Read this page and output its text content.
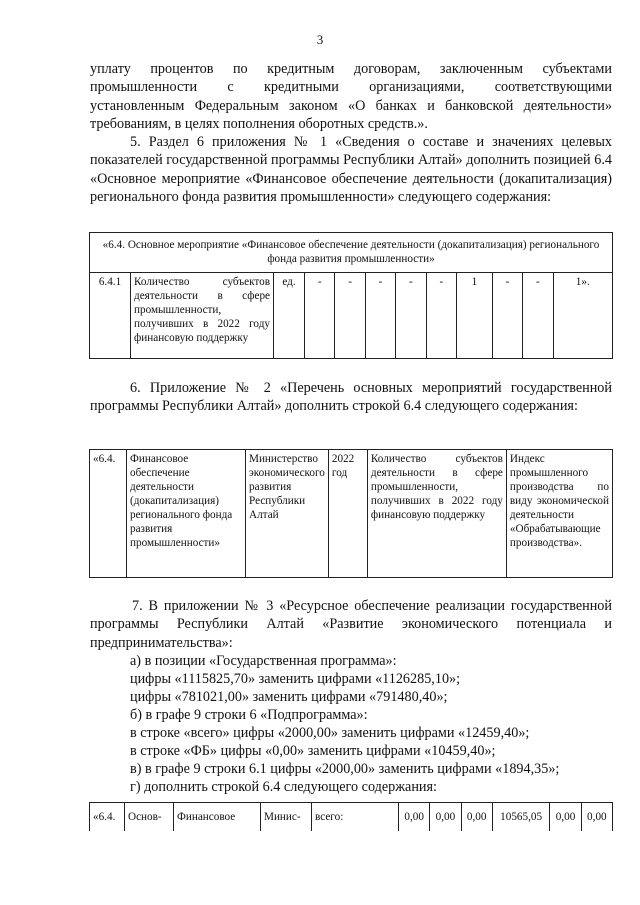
3
уплату процентов по кредитным договорам, заключенным субъектами
промышленности с кредитными организациями, соответствующими
установленным Федеральным законом «О банках и банковской деятельности»
требованиям, в целях пополнения оборотных средств.».
5. Раздел 6 приложения № 1 «Сведения о составе и значениях целевых показателей государственной программы Республики Алтай» дополнить позицией 6.4 «Основное мероприятие «Финансовое обеспечение деятельности (докапитализация) регионального фонда развития промышленности» следующего содержания:
«6.4. Основное мероприятие «Финансовое обеспечение деятельности (докапитализация) регионального фонда развития промышленности»
6.4.1	Количество субъектов деятельности в сфере промышленности, получивших в 2022 году финансовую поддержку	ед.	-	-	-	-	-	1	-	-	1».
6. Приложение № 2 «Перечень основных мероприятий государственной программы Республики Алтай» дополнить строкой 6.4 следующего содержания:
«6.4.	Финансовое обеспечение деятельности (докапитализация) регионального фонда развития промышленности»	Министерство экономического развития Республики Алтай	2022 год	Количество субъектов деятельности в сфере промышленности, получивших в 2022 году финансовую поддержку	Индекс промышленного производства по виду экономической деятельности «Обрабатывающие производства».
7. В приложении № 3 «Ресурсное обеспечение реализации государственной программы Республики Алтай «Развитие экономического потенциала и предпринимательства»:
а) в позиции «Государственная программа»:
цифры «1115825,70» заменить цифрами «1126285,10»;
цифры «781021,00» заменить цифрами «791480,40»;
б) в графе 9 строки 6 «Подпрограмма»:
в строке «всего» цифры «2000,00» заменить цифрами «12459,40»;
в строке «ФБ» цифры «0,00» заменить цифрами «10459,40»;
в) в графе 9 строки 6.1 цифры «2000,00» заменить цифрами «1894,35»;
г) дополнить строкой 6.4 следующего содержания:
«6.4.	Основ-	Финансовое	Минис-	всего:	0,00	0,00	0,00	10565,05	0,00	0,00
